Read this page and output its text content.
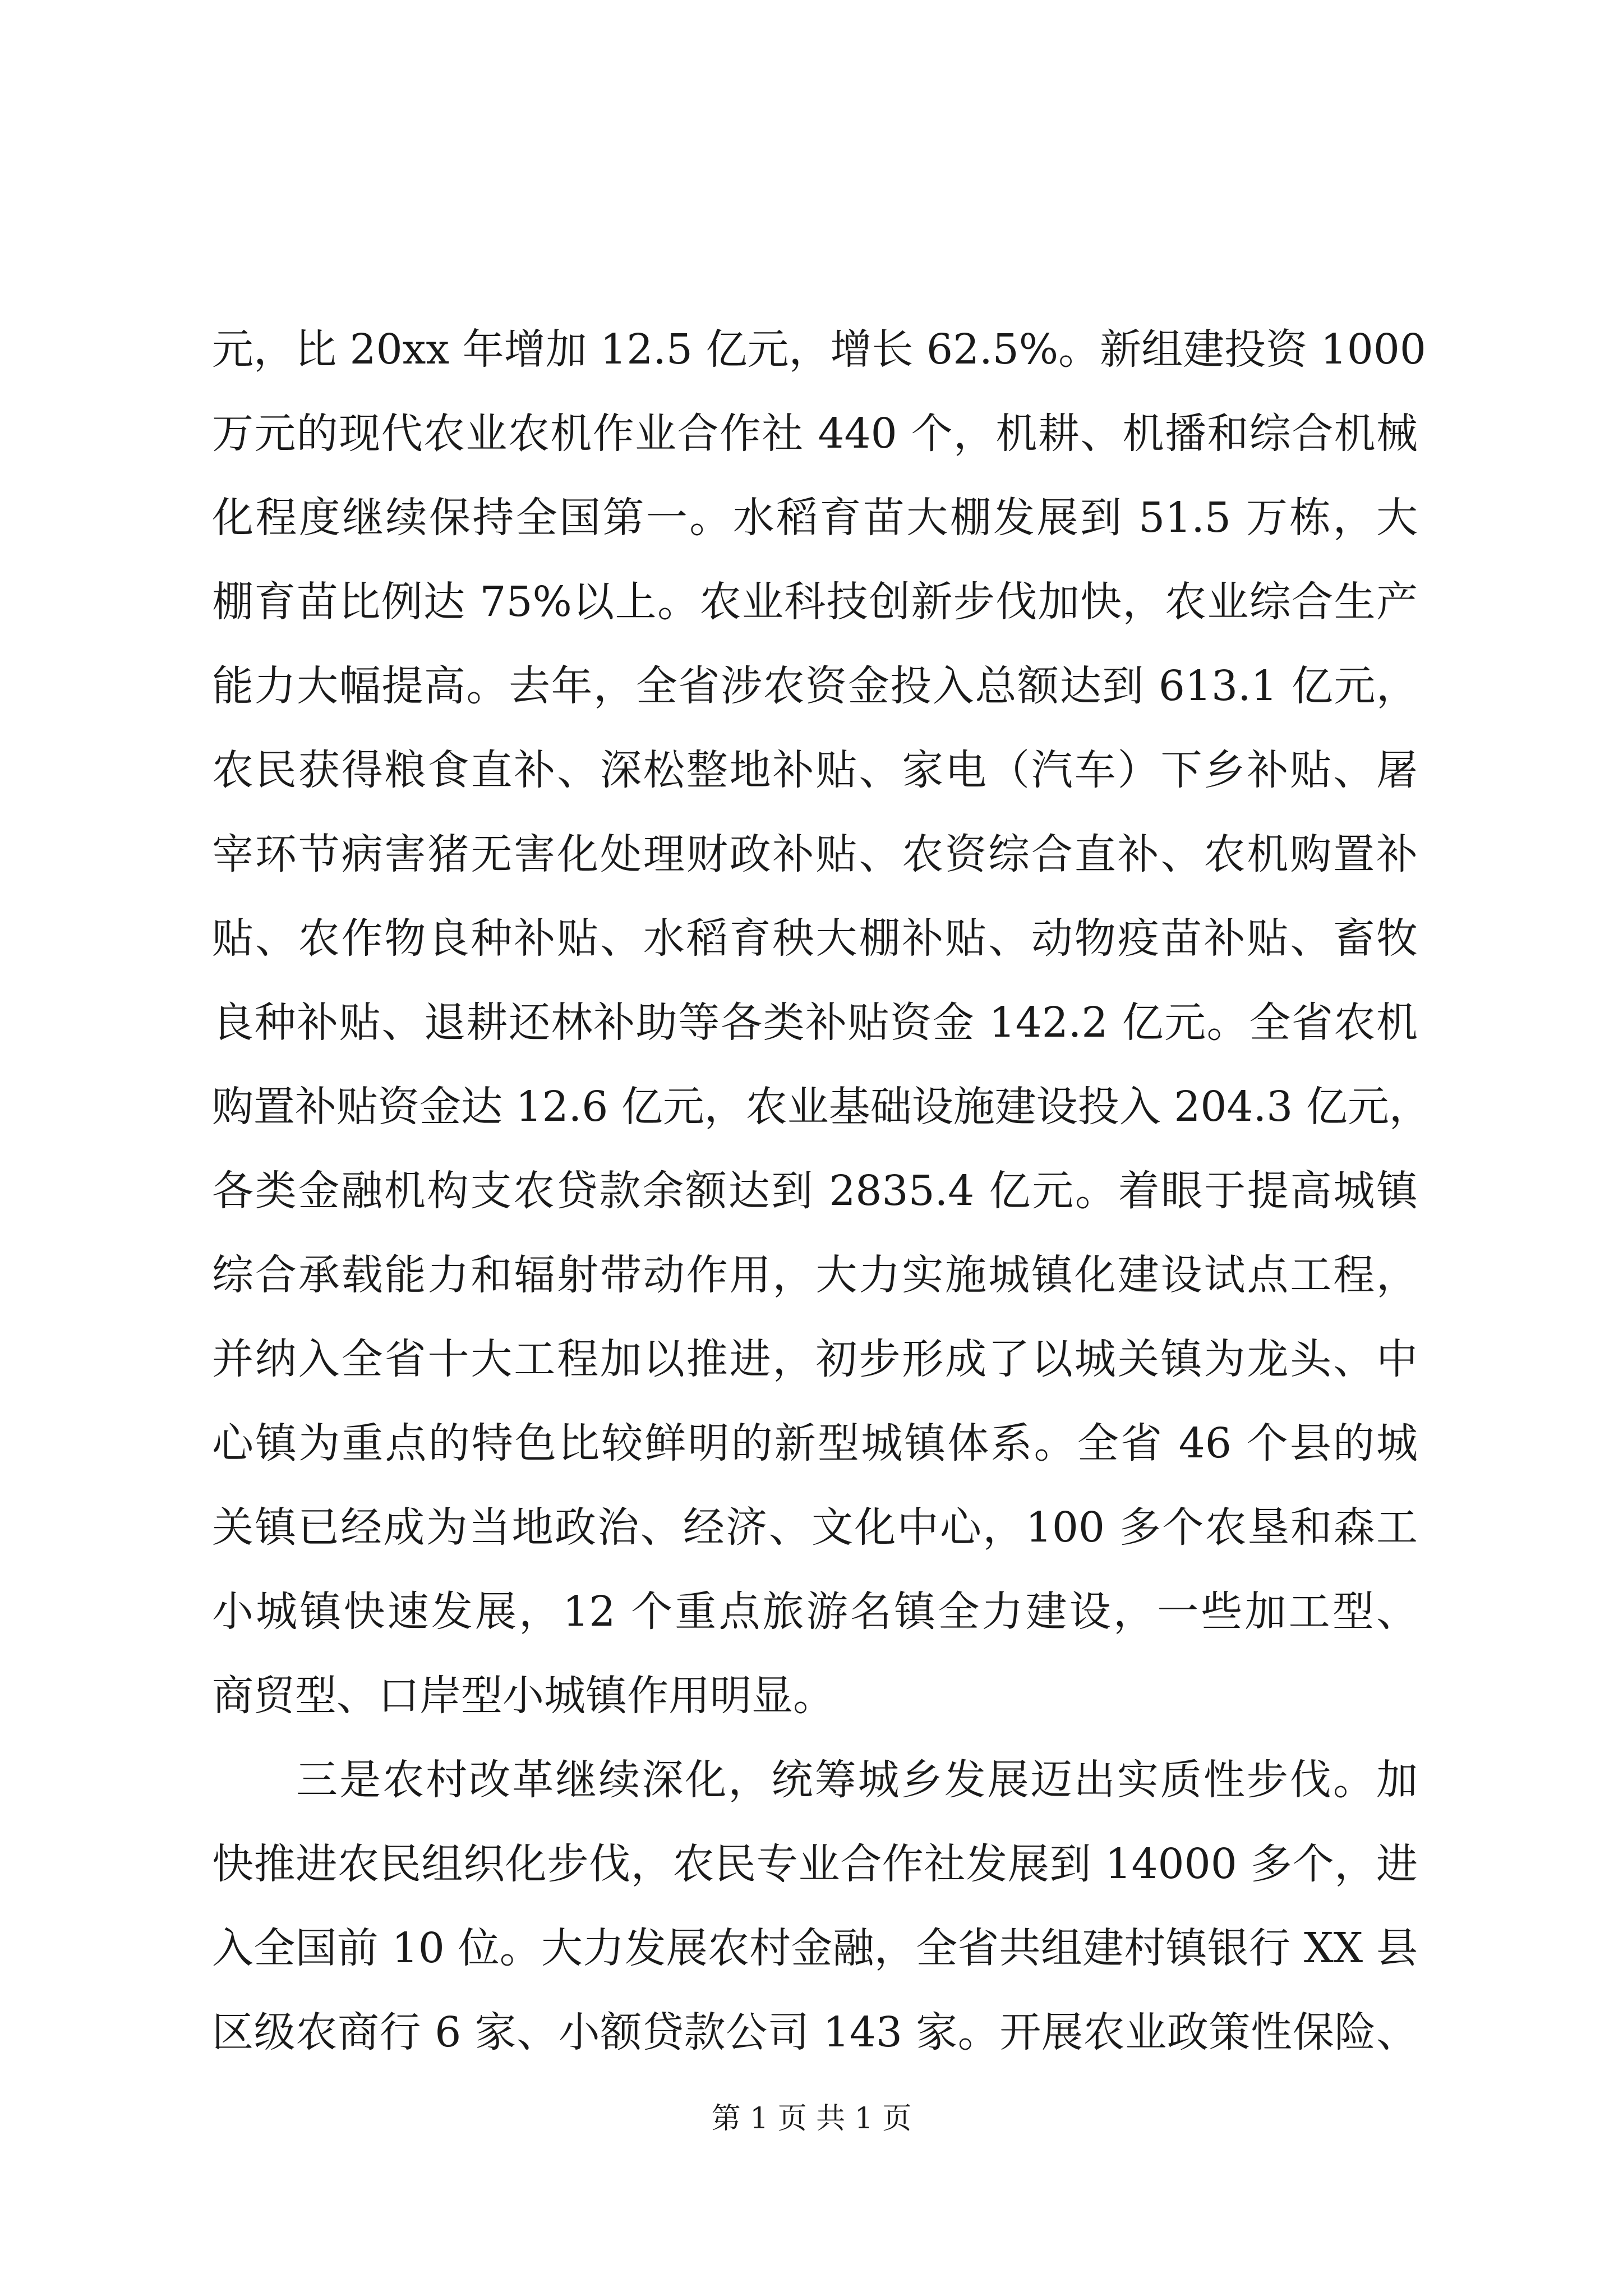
元，比 20xx 年增加 12.5 亿元，增长 62.5%。新组建投资 1000
万元的现代农业农机作业合作社 440 个，机耕、机播和综合机械
化程度继续保持全国第一。水稻育苗大棚发展到 51.5 万栋，大
棚育苗比例达 75%以上。农业科技创新步伐加快，农业综合生产
能力大幅提高。去年，全省涉农资金投入总额达到 613.1 亿元，
农民获得粮食直补、深松整地补贴、家电（汽车）下乡补贴、屠
宰环节病害猪无害化处理财政补贴、农资综合直补、农机购置补
贴、农作物良种补贴、水稻育秧大棚补贴、动物疫苗补贴、畜牧
良种补贴、退耕还林补助等各类补贴资金 142.2 亿元。全省农机
购置补贴资金达 12.6 亿元，农业基础设施建设投入 204.3 亿元，
各类金融机构支农贷款余额达到 2835.4 亿元。着眼于提高城镇
综合承载能力和辐射带动作用，大力实施城镇化建设试点工程，
并纳入全省十大工程加以推进，初步形成了以城关镇为龙头、中
心镇为重点的特色比较鲜明的新型城镇体系。全省 46 个县的城
关镇已经成为当地政治、经济、文化中心，100 多个农垦和森工
小城镇快速发展，12 个重点旅游名镇全力建设，一些加工型、
商贸型、口岸型小城镇作用明显。
三是农村改革继续深化，统筹城乡发展迈出实质性步伐。加
快推进农民组织化步伐，农民专业合作社发展到 14000 多个，进
入全国前 10 位。大力发展农村金融，全省共组建村镇银行 XX 县
区级农商行 6 家、小额贷款公司 143 家。开展农业政策性保险、
第 1 页 共 1 页
